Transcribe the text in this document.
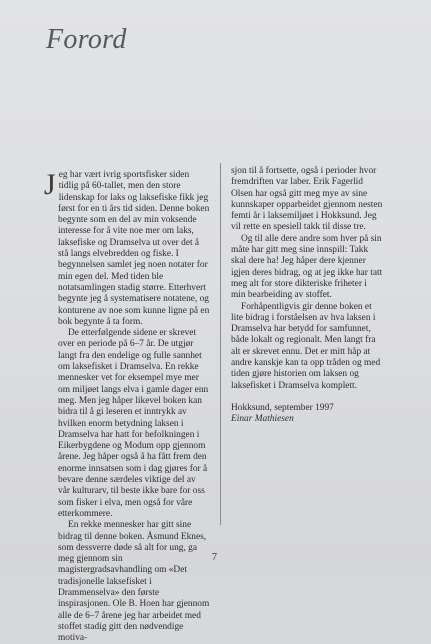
Forord

Jeg har vært ivrig sportsfisker siden tidlig på 60-tallet, men den store lidenskap for laks og laksefiske fikk jeg først for en ti års tid siden. Denne boken begynte som en del av min voksende interesse for å vite noe mer om laks, laksefiske og Dramselva ut over det å stå langs elvebredden og fiske. I begynnelsen samlet jeg noen notater for min egen del. Med tiden ble notatsamlingen stadig større. Etterhvert begynte jeg å systematisere notatene, og konturene av noe som kunne ligne på en bok begynte å ta form.

De etterfølgende sidene er skrevet over en periode på 6–7 år. De utgjør langt fra den endelige og fulle sannhet om laksefisket i Dramselva. En rekke mennesker vet for eksempel mye mer om miljøet langs elva i gamle dager enn meg. Men jeg håper likevel boken kan bidra til å gi leseren et inntrykk av hvilken enorm betydning laksen i Dramselva har hatt for befolkningen i Eikerbygdene og Modum opp gjennom årene. Jeg håper også å ha fått frem den enorme innsatsen som i dag gjøres for å bevare denne særdeles viktige del av vår kulturarv, til beste ikke bare for oss som fisker i elva, men også for våre etterkommere.

En rekke mennesker har gitt sine bidrag til denne boken. Åsmund Eknes, som dessverre døde så alt for ung, ga meg gjennom sin magistergradsavhandling om «Det tradisjonelle laksefisket i Drammenselva» den første inspirasjonen. Ole B. Hoen har gjennom alle de 6–7 årene jeg har arbeidet med stoffet stadig gitt den nødvendige motiva-

sjon til å fortsette, også i perioder hvor fremdriften var laber. Erik Fagerlid Olsen har også gitt meg mye av sine kunnskaper opparbeidet gjennom nesten femti år i laksemiljøet i Hokksund. Jeg vil rette en spesiell takk til disse tre.

Og til alle dere andre som hver på sin måte har gitt meg sine innspill: Takk skal dere ha! Jeg håper dere kjenner igjen deres bidrag, og at jeg ikke har tatt meg alt for store dikteriske friheter i min bearbeiding av stoffet.

Forhåpentligvis gir denne boken et lite bidrag i forståelsen av hva laksen i Dramselva har betydd for samfunnet, både lokalt og regionalt. Men langt fra alt er skrevet ennu. Det er mitt håp at andre kanskje kan ta opp tråden og med tiden gjøre historien om laksen og laksefisket i Dramselva komplett.

Hokksund, september 1997

Einar Mathiesen

7
